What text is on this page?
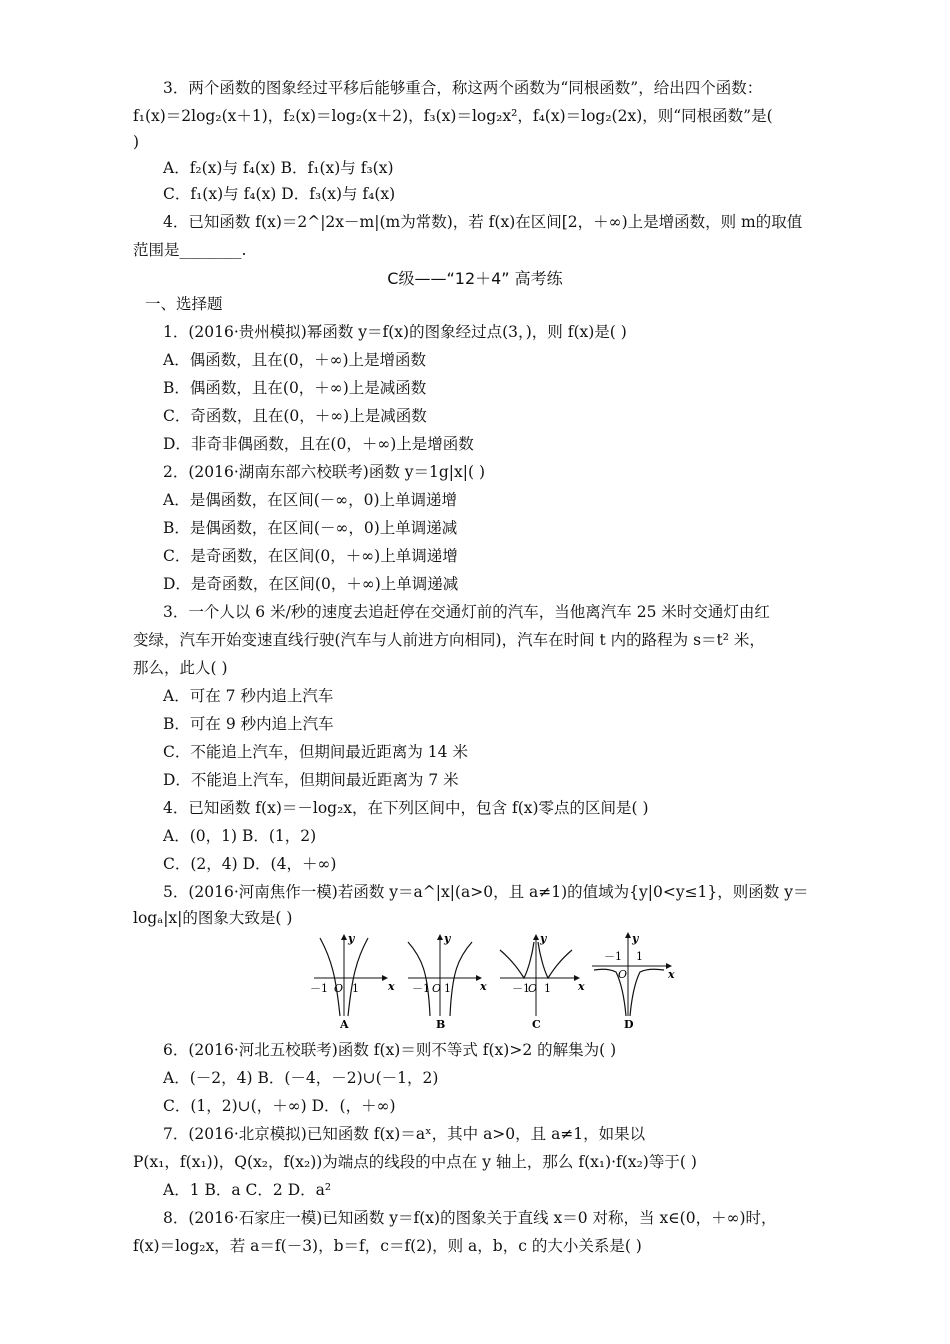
3．两个函数的图象经过平移后能够重合，称这两个函数为“同根函数”，给出四个函数：
f₁(x)＝2log₂(x＋1)，f₂(x)＝log₂(x＋2)，f₃(x)＝log₂x²，f₄(x)＝log₂(2x)，则“同根函数”是(
)
A．f₂(x)与 f₄(x) B．f₁(x)与 f₃(x)
C．f₁(x)与 f₄(x) D．f₃(x)与 f₄(x)
4．已知函数 f(x)＝2^|2x－m|(m为常数)，若 f(x)在区间[2，＋∞)上是增函数，则 m的取值
范围是________.
一、选择题
1．(2016·贵州模拟)幂函数 y＝f(x)的图象经过点(3，)，则 f(x)是( )
A．偶函数，且在(0，＋∞)上是增函数
B．偶函数，且在(0，＋∞)上是减函数
C．奇函数，且在(0，＋∞)上是减函数
D．非奇非偶函数，且在(0，＋∞)上是增函数
2．(2016·湖南东部六校联考)函数 y＝1g|x|( )
A．是偶函数，在区间(－∞，0)上单调递增
B．是偶函数，在区间(－∞，0)上单调递减
C．是奇函数，在区间(0，＋∞)上单调递增
D．是奇函数，在区间(0，＋∞)上单调递减
3．一个人以 6 米/秒的速度去追赶停在交通灯前的汽车，当他离汽车 25 米时交通灯由红
变绿，汽车开始变速直线行驶(汽车与人前进方向相同)，汽车在时间 t 内的路程为 s＝t² 米，
那么，此人( )
A．可在 7 秒内追上汽车
B．可在 9 秒内追上汽车
C．不能追上汽车，但期间最近距离为 14 米
D．不能追上汽车，但期间最近距离为 7 米
4．已知函数 f(x)＝－log₂x，在下列区间中，包含 f(x)零点的区间是( )
A．(0，1) B．(1，2)
C．(2，4) D．(4，＋∞)
5．(2016·河南焦作一模)若函数 y＝a^|x|(a>0，且 a≠1)的值域为{y|0<y≤1}，则函数 y＝
logₐ|x|的图象大致是( )
6．(2016·河北五校联考)函数 f(x)＝则不等式 f(x)>2 的解集为( )
A．(－2，4) B．(－4，－2)∪(－1，2)
C．(1，2)∪(，＋∞) D．(，＋∞)
7．(2016·北京模拟)已知函数 f(x)＝aˣ，其中 a>0，且 a≠1，如果以
P(x₁，f(x₁))，Q(x₂，f(x₂))为端点的线段的中点在 y 轴上，那么 f(x₁)·f(x₂)等于( )
A．1 B．a C．2 D．a²
8．(2016·石家庄一模)已知函数 y＝f(x)的图象关于直线 x＝0 对称，当 x∈(0，＋∞)时，
f(x)＝log₂x，若 a＝f(－3)，b＝f，c＝f(2)，则 a，b，c 的大小关系是( )
C级——“12＋4” 高考练
y
x
－1 O 1
A
y
x
－1 O 1
B
y
x
－1
O 1
C
y
x
－1
O
1
D
